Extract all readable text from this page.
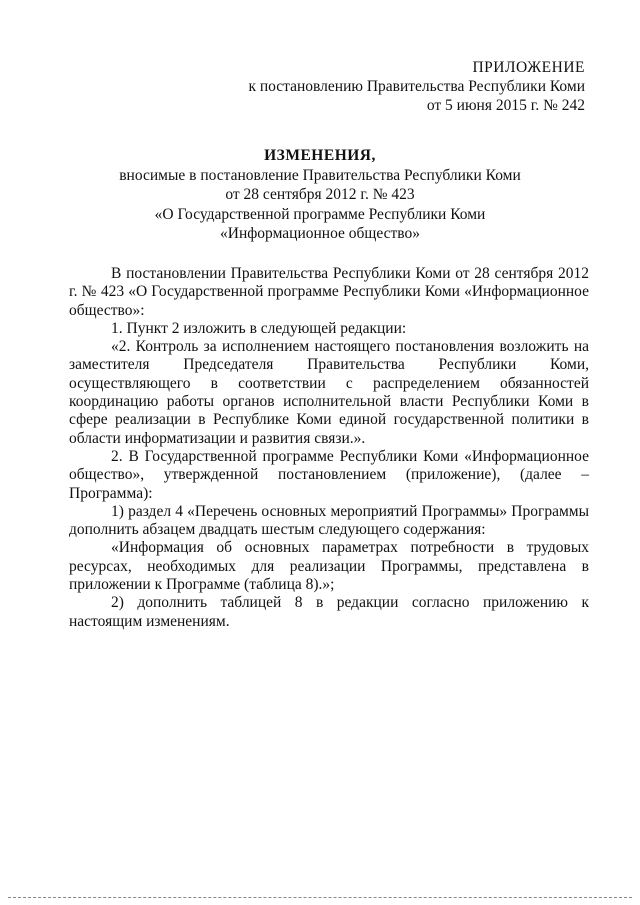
ПРИЛОЖЕНИЕ
к постановлению Правительства Республики Коми
от 5 июня 2015 г. № 242
ИЗМЕНЕНИЯ,
вносимые в постановление Правительства Республики Коми
от 28 сентября 2012 г. № 423
«О Государственной программе Республики Коми
«Информационное общество»

В постановлении Правительства Республики Коми от 28 сентября 2012 г. № 423 «О Государственной программе Республики Коми «Информационное общество»:

1. Пункт 2 изложить в следующей редакции:

«2. Контроль за исполнением настоящего постановления возложить на заместителя Председателя Правительства Республики Коми, осуществляющего в соответствии с распределением обязанностей координацию работы органов исполнительной власти Республики Коми в сфере реализации в Республике Коми единой государственной политики в области информатизации и развития связи.».

2. В Государственной программе Республики Коми «Информационное общество», утвержденной постановлением (приложение), (далее – Программа):

1) раздел 4 «Перечень основных мероприятий Программы» Программы дополнить абзацем двадцать шестым следующего содержания:

«Информация об основных параметрах потребности в трудовых ресурсах, необходимых для реализации Программы, представлена в приложении к Программе (таблица 8).»;

2) дополнить таблицей 8 в редакции согласно приложению к настоящим изменениям.
